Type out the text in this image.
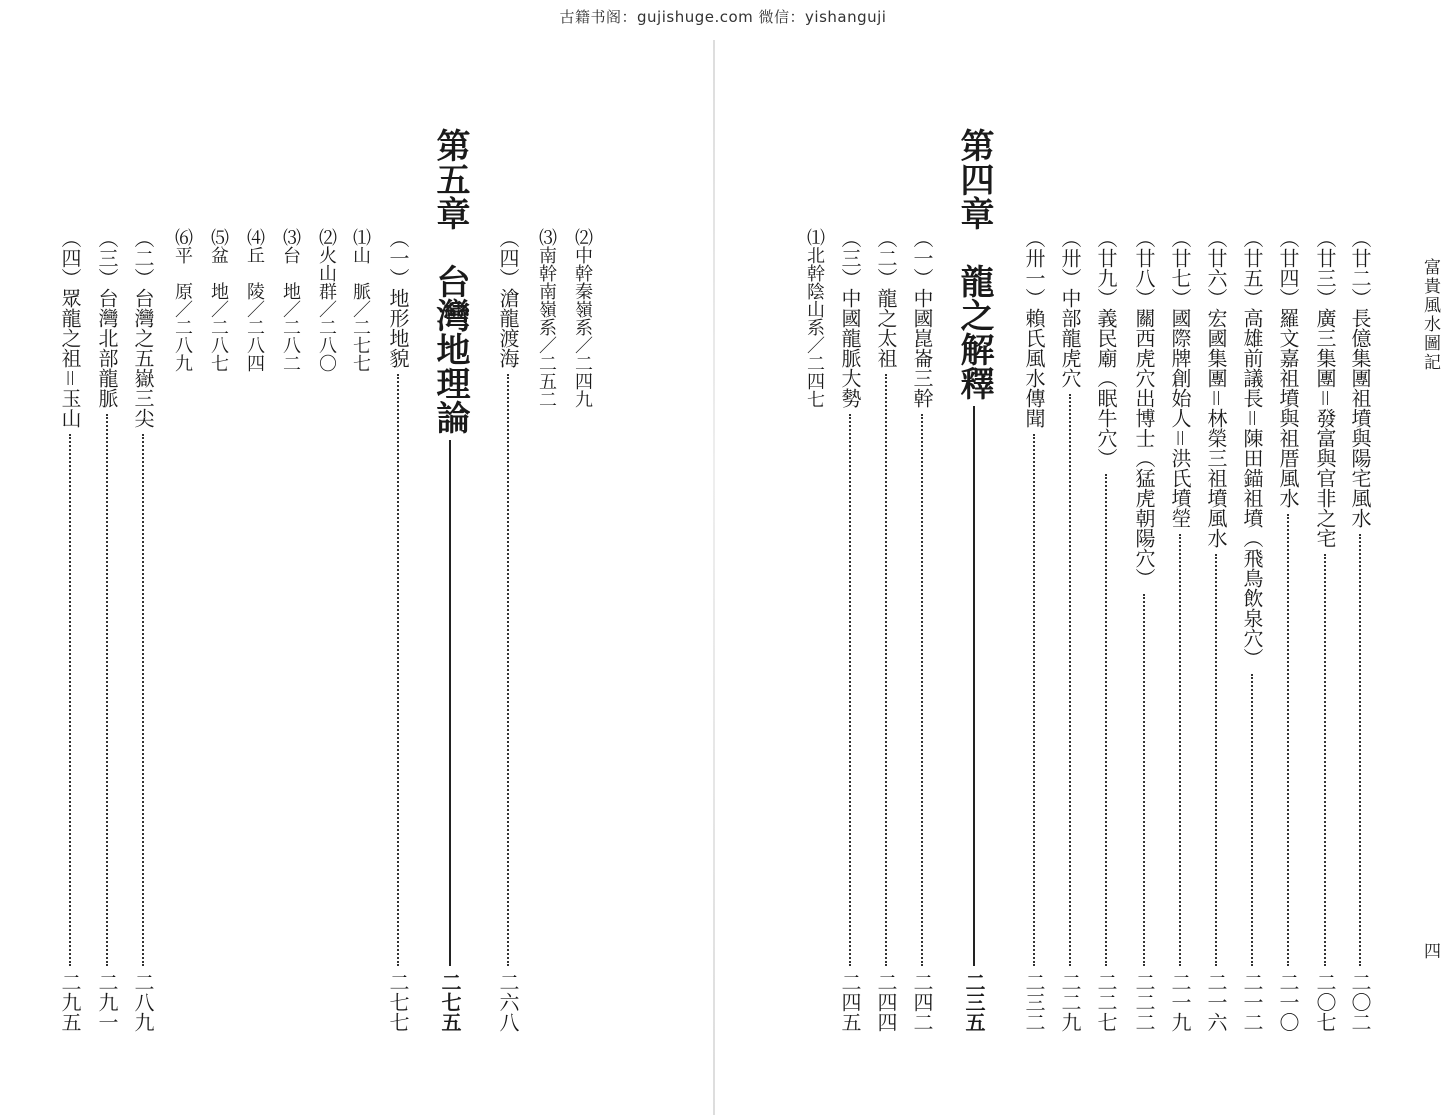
古籍书阁：gujishuge.com 微信：yishanguji
富貴風水圖記
四
（廿二）長億集團祖墳與陽宅風水
二〇二
（廿三）廣三集團＝發富與官非之宅
二〇七
（廿四）羅文嘉祖墳與祖厝風水
二一〇
（廿五）高雄前議長＝陳田錨祖墳（飛鳥飲泉穴）
二一二
（廿六）宏國集團＝林榮三祖墳風水
二一六
（廿七）國際牌創始人＝洪氏墳塋
二一九
（廿八）關西虎穴出博士（猛虎朝陽穴）
二二二
（廿九）義民廟（眠牛穴）
二二七
（卅）中部龍虎穴
二二九
（卅一）賴氏風水傳聞
二三二
第四章　龍之解釋
二三五
（一）中國崑崙三幹
二四二
（二）龍之太祖
二四四
（三）中國龍脈大勢
二四五
⑴北幹陰山系／二四七
⑵中幹秦嶺系／二四九
⑶南幹南嶺系／二五二
（四）滄龍渡海
二六八
第五章　台灣地理論
二七五
（一）地形地貌
二七七
⑴山　脈／二七七
⑵火山群／二八〇
⑶台　地／二八二
⑷丘　陵／二八四
⑸盆　地／二八七
⑹平　原／二八九
（二）台灣之五嶽三尖
二八九
（三）台灣北部龍脈
二九一
（四）眾龍之祖＝玉山
二九五
